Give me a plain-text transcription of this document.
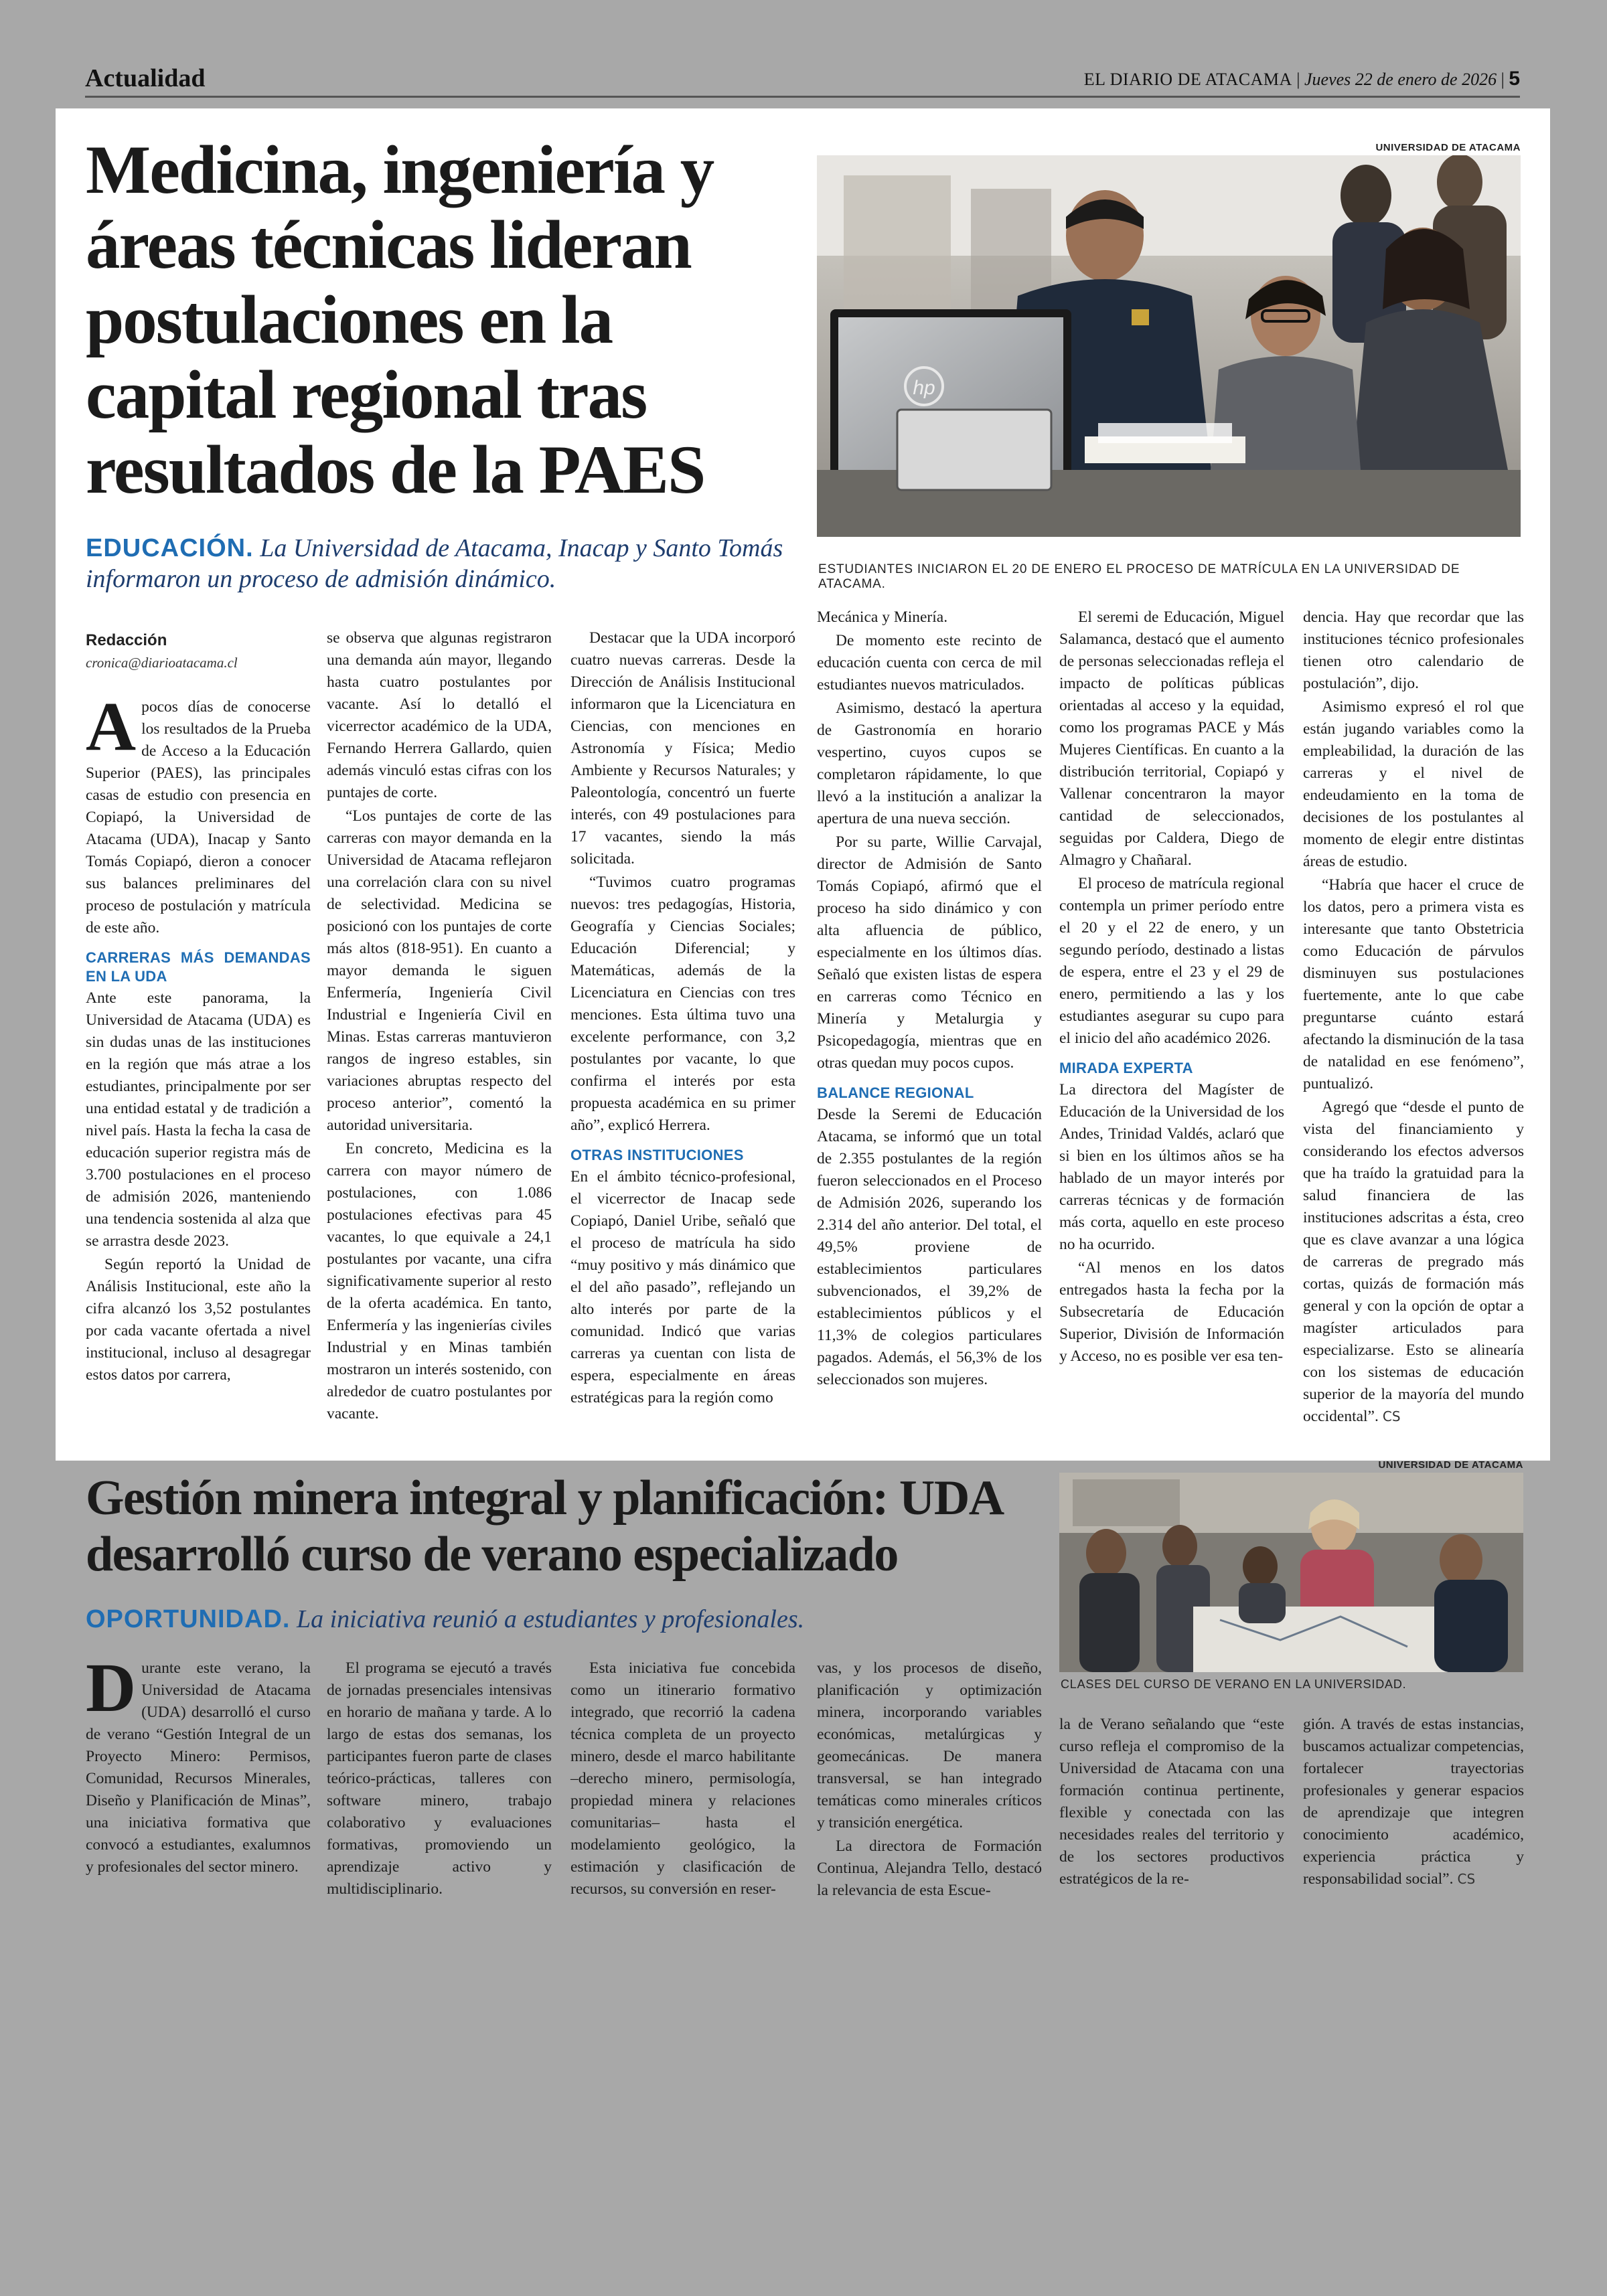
Actualidad	EL DIARIO DE ATACAMA | Jueves 22 de enero de 2026 | 5
Medicina, ingeniería y áreas técnicas lideran postulaciones en la capital regional tras resultados de la PAES
EDUCACIÓN. La Universidad de Atacama, Inacap y Santo Tomás informaron un proceso de admisión dinámico.
UNIVERSIDAD DE ATACAMA
hp
ESTUDIANTES INICIARON EL 20 DE ENERO EL PROCESO DE MATRÍCULA EN LA UNIVERSIDAD DE ATACAMA.
Redacción
cronica@diarioatacama.cl

Apocos días de conocerse los resultados de la Prueba de Acceso a la Educación Superior (PAES), las principales casas de estudio con presencia en Copiapó, la Universidad de Atacama (UDA), Inacap y Santo Tomás Copiapó, dieron a conocer sus balances preliminares del proceso de postulación y matrícula de este año.

CARRERAS MÁS DEMANDAS EN LA UDA

Ante este panorama, la Universidad de Atacama (UDA) es sin dudas unas de las instituciones en la región que más atrae a los estudiantes, principalmente por ser una entidad estatal y de tradición a nivel país. Hasta la fecha la casa de educación superior registra más de 3.700 postulaciones en el proceso de admisión 2026, manteniendo una tendencia sostenida al alza que se arrastra desde 2023.

Según reportó la Unidad de Análisis Institucional, este año la cifra alcanzó los 3,52 postulantes por cada vacante ofertada a nivel institucional, incluso al desagregar estos datos por carrera,

se observa que algunas registraron una demanda aún mayor, llegando hasta cuatro postulantes por vacante. Así lo detalló el vicerrector académico de la UDA, Fernando Herrera Gallardo, quien además vinculó estas cifras con los puntajes de corte.

“Los puntajes de corte de las carreras con mayor demanda en la Universidad de Atacama reflejaron una correlación clara con su nivel de selectividad. Medicina se posicionó con los puntajes de corte más altos (818-951). En cuanto a mayor demanda le siguen Enfermería, Ingeniería Civil Industrial e Ingeniería Civil en Minas. Estas carreras mantuvieron rangos de ingreso estables, sin variaciones abruptas respecto del proceso anterior”, comentó la autoridad universitaria.

En concreto, Medicina es la carrera con mayor número de postulaciones, con 1.086 postulaciones efectivas para 45 vacantes, lo que equivale a 24,1 postulantes por vacante, una cifra significativamente superior al resto de la oferta académica. En tanto, Enfermería y las ingenierías civiles Industrial y en Minas también mostraron un interés sostenido, con alrededor de cuatro postulantes por vacante.

Destacar que la UDA incorporó cuatro nuevas carreras. Desde la Dirección de Análisis Institucional informaron que la Licenciatura en Ciencias, con menciones en Astronomía y Física; Medio Ambiente y Recursos Naturales; y Paleontología, concentró un fuerte interés, con 49 postulaciones para 17 vacantes, siendo la más solicitada.

“Tuvimos cuatro programas nuevos: tres pedagogías, Historia, Geografía y Ciencias Sociales; Educación Diferencial; y Matemáticas, además de la Licenciatura en Ciencias con tres menciones. Esta última tuvo una excelente performance, con 3,2 postulantes por vacante, lo que confirma el interés por esta propuesta académica en su primer año”, explicó Herrera.

OTRAS INSTITUCIONES

En el ámbito técnico-profesional, el vicerrector de Inacap sede Copiapó, Daniel Uribe, señaló que el proceso de matrícula ha sido “muy positivo y más dinámico que el del año pasado”, reflejando un alto interés por parte de la comunidad. Indicó que varias carreras ya cuentan con lista de espera, especialmente en áreas estratégicas para la región como

Mecánica y Minería.

De momento este recinto de educación cuenta con cerca de mil estudiantes nuevos matriculados.

Asimismo, destacó la apertura de Gastronomía en horario vespertino, cuyos cupos se completaron rápidamente, lo que llevó a la institución a analizar la apertura de una nueva sección.

Por su parte, Willie Carvajal, director de Admisión de Santo Tomás Copiapó, afirmó que el proceso ha sido dinámico y con alta afluencia de público, especialmente en los últimos días. Señaló que existen listas de espera en carreras como Técnico en Minería y Metalurgia y Psicopedagogía, mientras que en otras quedan muy pocos cupos.

BALANCE REGIONAL

Desde la Seremi de Educación Atacama, se informó que un total de 2.355 postulantes de la región fueron seleccionados en el Proceso de Admisión 2026, superando los 2.314 del año anterior. Del total, el 49,5% proviene de establecimientos particulares subvencionados, el 39,2% de establecimientos públicos y el 11,3% de colegios particulares pagados. Además, el 56,3% de los seleccionados son mujeres.

El seremi de Educación, Miguel Salamanca, destacó que el aumento de personas seleccionadas refleja el impacto de políticas públicas orientadas al acceso y la equidad, como los programas PACE y Más Mujeres Científicas. En cuanto a la distribución territorial, Copiapó y Vallenar concentraron la mayor cantidad de seleccionados, seguidas por Caldera, Diego de Almagro y Chañaral.

El proceso de matrícula regional contempla un primer período entre el 20 y el 22 de enero, y un segundo período, destinado a listas de espera, entre el 23 y el 29 de enero, permitiendo a las y los estudiantes asegurar su cupo para el inicio del año académico 2026.

MIRADA EXPERTA

La directora del Magíster de Educación de la Universidad de los Andes, Trinidad Valdés, aclaró que si bien en los últimos años se ha hablado de un mayor interés por carreras técnicas y de formación más corta, aquello en este proceso no ha ocurrido.

“Al menos en los datos entregados hasta la fecha por la Subsecretaría de Educación Superior, División de Información y Acceso, no es posible ver esa ten-

dencia. Hay que recordar que las instituciones técnico profesionales tienen otro calendario de postulación”, dijo.

Asimismo expresó el rol que están jugando variables como la empleabilidad, la duración de las carreras y el nivel de endeudamiento en la toma de decisiones de los postulantes al momento de elegir entre distintas áreas de estudio.

“Habría que hacer el cruce de los datos, pero a primera vista es interesante que tanto Obstetricia como Educación de párvulos disminuyen sus postulaciones fuertemente, ante lo que cabe preguntarse cuánto estará afectando la disminución de la tasa de natalidad en ese fenómeno”, puntualizó.

Agregó que “desde el punto de vista del financiamiento y considerando los efectos adversos que ha traído la gratuidad para la salud financiera de las instituciones adscritas a ésta, creo que es clave avanzar a una lógica de carreras de pregrado más cortas, quizás de formación más general y con la opción de optar a magíster articulados para especializarse. Esto se alinearía con los sistemas de educación superior de la mayoría del mundo occidental”. CS

Gestión minera integral y planificación: UDA desarrolló curso de verano especializado
OPORTUNIDAD. La iniciativa reunió a estudiantes y profesionales.
UNIVERSIDAD DE ATACAMA
CLASES DEL CURSO DE VERANO EN LA UNIVERSIDAD.

Durante este verano, la Universidad de Atacama (UDA) desarrolló el curso de verano “Gestión Integral de un Proyecto Minero: Permisos, Comunidad, Recursos Minerales, Diseño y Planificación de Minas”, una iniciativa formativa que convocó a estudiantes, exalumnos y profesionales del sector minero.

El programa se ejecutó a través de jornadas presenciales intensivas en horario de mañana y tarde. A lo largo de estas dos semanas, los participantes fueron parte de clases teórico-prácticas, talleres con software minero, trabajo colaborativo y evaluaciones formativas, promoviendo un aprendizaje activo y multidisciplinario.

Esta iniciativa fue concebida como un itinerario formativo integrado, que recorrió la cadena técnica completa de un proyecto minero, desde el marco habilitante –derecho minero, permisología, propiedad minera y relaciones comunitarias– hasta el modelamiento geológico, la estimación y clasificación de recursos, su conversión en reser-

vas, y los procesos de diseño, planificación y optimización minera, incorporando variables económicas, metalúrgicas y geomecánicas. De manera transversal, se han integrado temáticas como minerales críticos y transición energética.

La directora de Formación Continua, Alejandra Tello, destacó la relevancia de esta Escue-

la de Verano señalando que “este curso refleja el compromiso de la Universidad de Atacama con una formación continua pertinente, flexible y conectada con las necesidades reales del territorio y de los sectores productivos estratégicos de la re-

gión. A través de estas instancias, buscamos actualizar competencias, fortalecer trayectorias profesionales y generar espacios de aprendizaje que integren conocimiento académico, experiencia práctica y responsabilidad social”. CS
